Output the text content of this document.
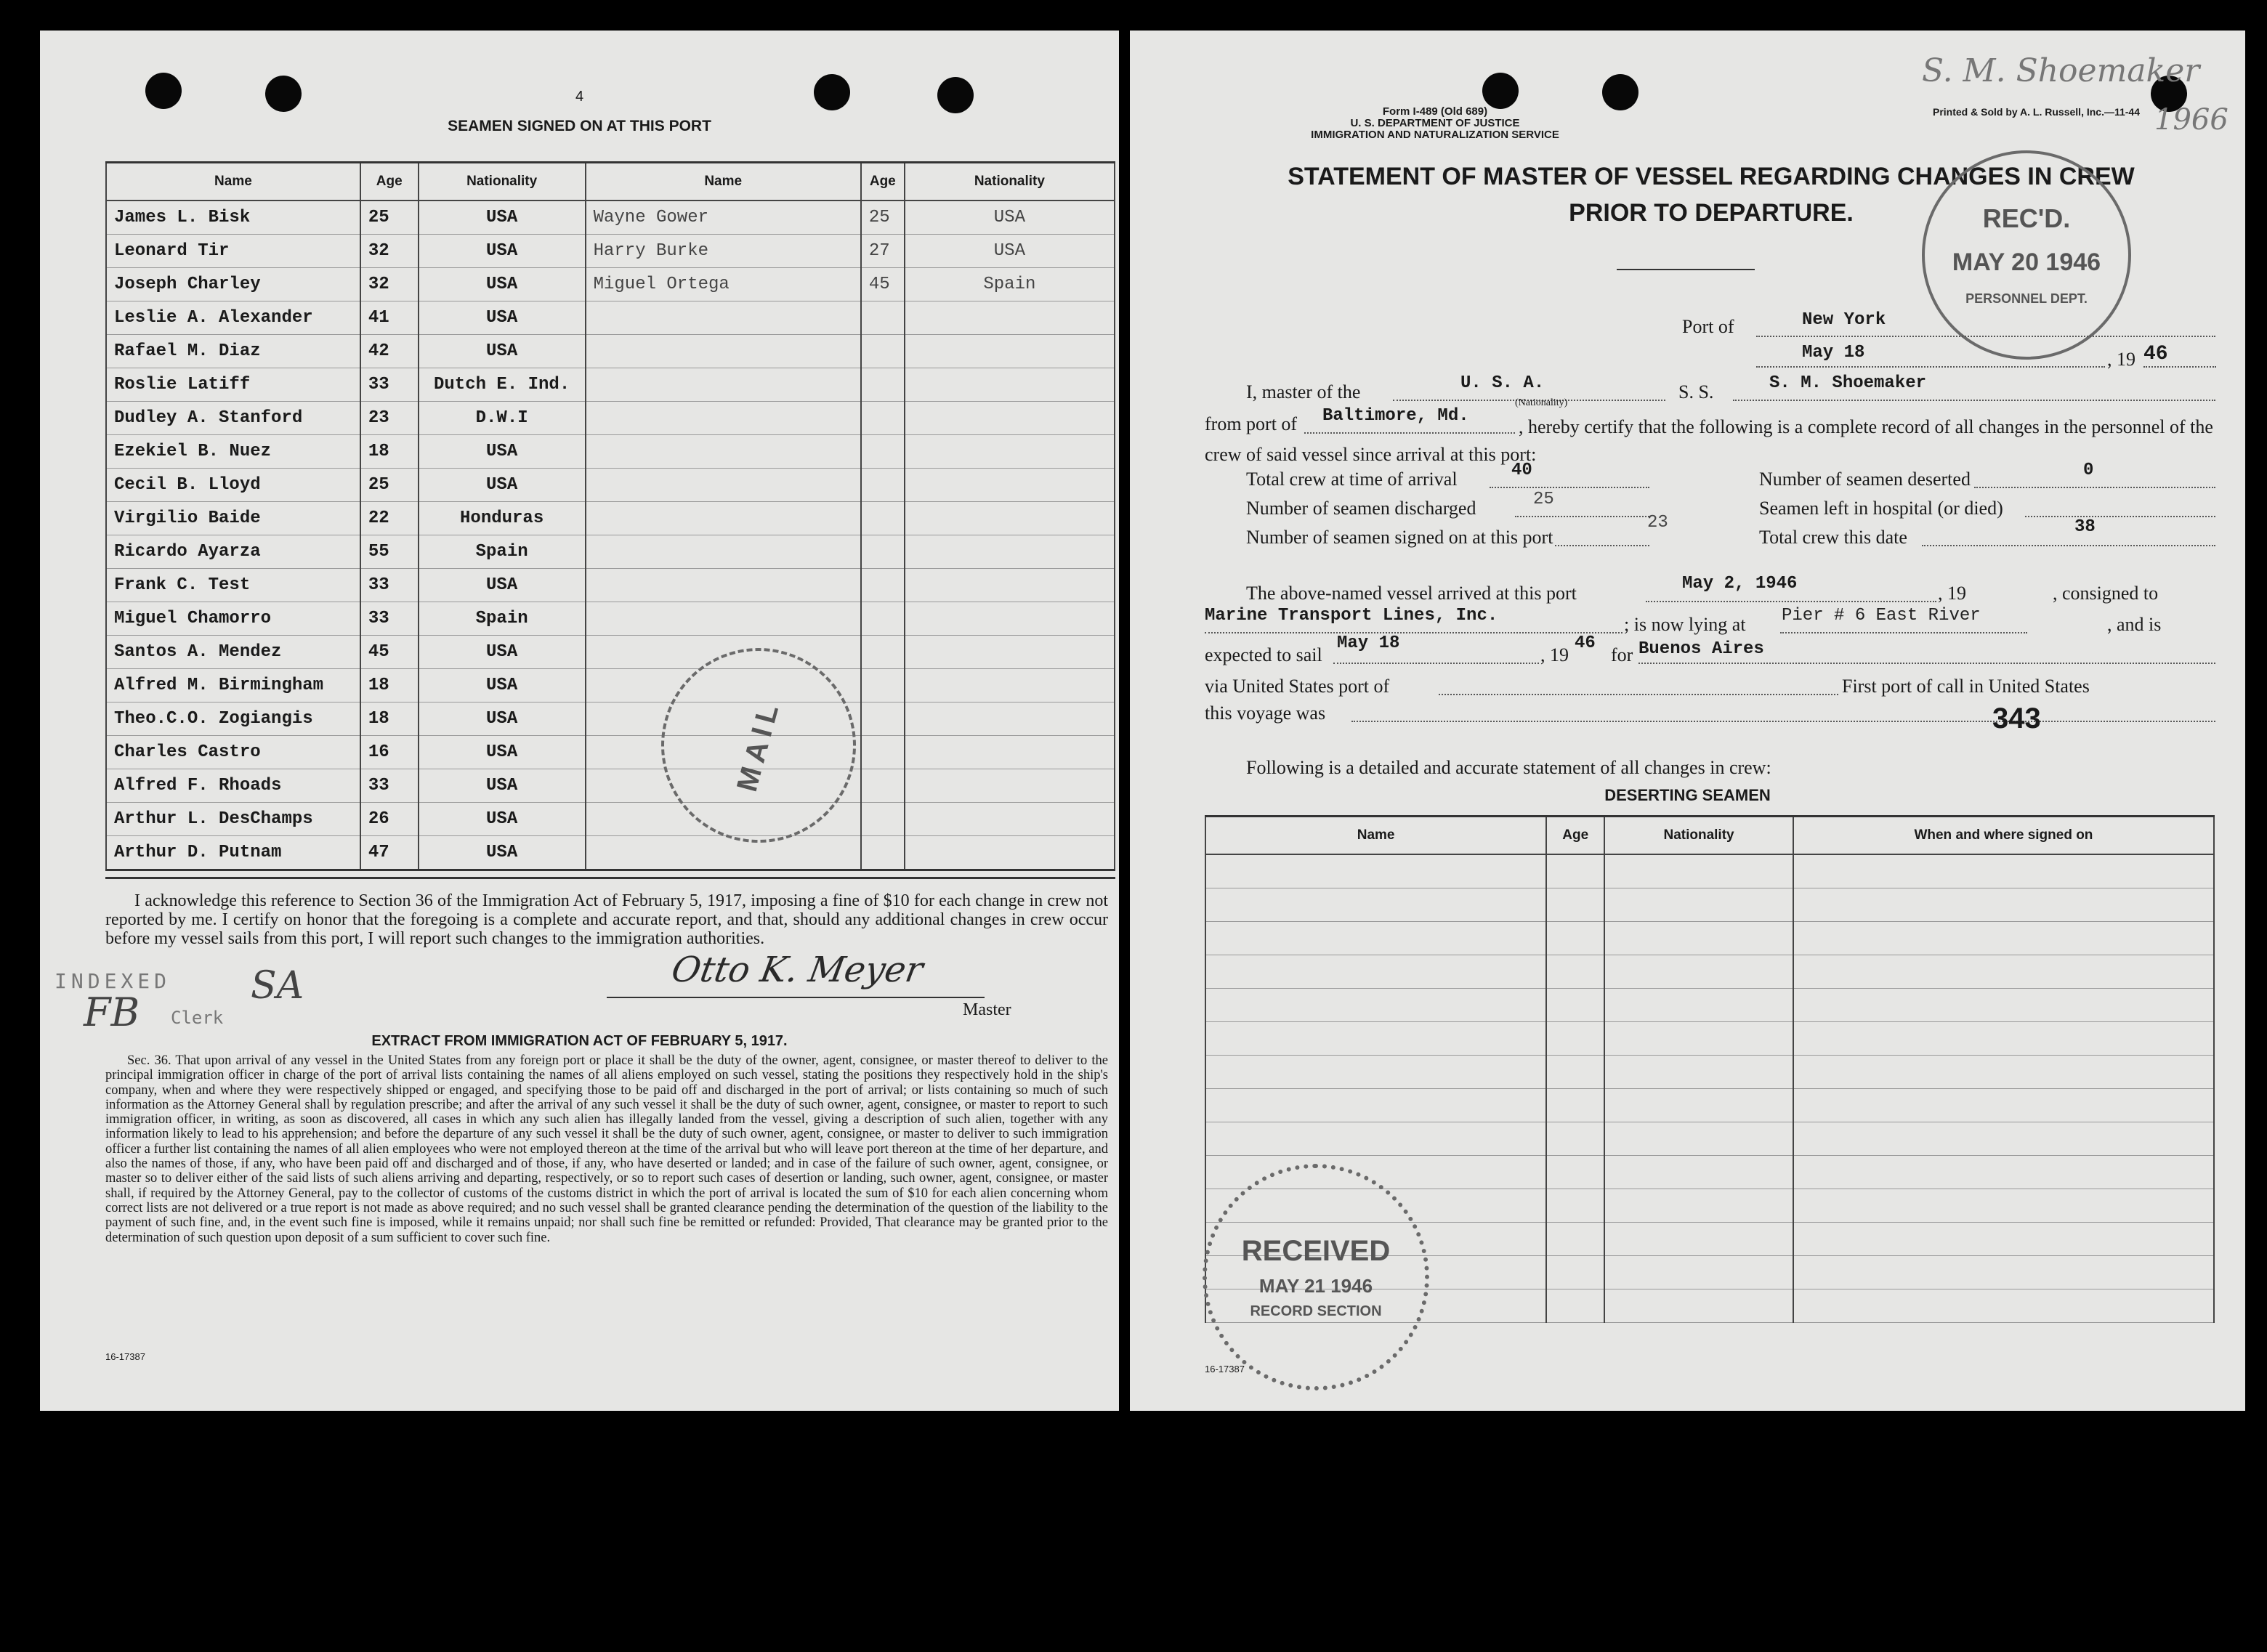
4
SEAMEN SIGNED ON AT THIS PORT
Name	Age	Nationality	Name	Age	Nationality
James L. Bisk	25	USA	Wayne Gower	25	USA
Leonard Tir	32	USA	Harry Burke	27	USA
Joseph Charley	32	USA	Miguel Ortega	45	Spain
Leslie A. Alexander	41	USA			
Rafael M. Diaz	42	USA			
Roslie Latiff	33	Dutch E. Ind.			
Dudley A. Stanford	23	D.W.I			
Ezekiel B. Nuez	18	USA			
Cecil B. Lloyd	25	USA			
Virgilio Baide	22	Honduras			
Ricardo Ayarza	55	Spain			
Frank C. Test	33	USA			
Miguel Chamorro	33	Spain			
Santos A. Mendez	45	USA			
Alfred M. Birmingham	18	USA			
Theo.C.O. Zogiangis	18	USA			
Charles Castro	16	USA			
Alfred F. Rhoads	33	USA			
Arthur L. DesChamps	26	USA			
Arthur D. Putnam	47	USA			
I acknowledge this reference to Section 36 of the Immigration Act of February 5, 1917, imposing a fine of $10 for each change in crew not reported by me. I certify on honor that the foregoing is a complete and accurate report, and that, should any additional changes in crew occur before my vessel sails from this port, I will report such changes to the immigration authorities.
Otto K. Meyer
Master
INDEXED
FB Clerk
SA
EXTRACT FROM IMMIGRATION ACT OF FEBRUARY 5, 1917.
Sec. 36. That upon arrival of any vessel in the United States from any foreign port or place it shall be the duty of the owner, agent, consignee, or master thereof to deliver to the principal immigration officer in charge of the port of arrival lists containing the names of all aliens employed on such vessel, stating the positions they respectively hold in the ship's company, when and where they were respectively shipped or engaged, and specifying those to be paid off and discharged in the port of arrival; or lists containing so much of such information as the Attorney General shall by regulation prescribe; and after the arrival of any such vessel it shall be the duty of such owner, agent, consignee, or master to report to such immigration officer, in writing, as soon as discovered, all cases in which any such alien has illegally landed from the vessel, giving a description of such alien, together with any information likely to lead to his apprehension; and before the departure of any such vessel it shall be the duty of such owner, agent, consignee, or master to deliver to such immigration officer a further list containing the names of all alien employees who were not employed thereon at the time of the arrival but who will leave port thereon at the time of her departure, and also the names of those, if any, who have been paid off and discharged and of those, if any, who have deserted or landed; and in case of the failure of such owner, agent, consignee, or master so to deliver either of the said lists of such aliens arriving and departing, respectively, or so to report such cases of desertion or landing, such owner, agent, consignee, or master shall, if required by the Attorney General, pay to the collector of customs of the customs district in which the port of arrival is located the sum of $10 for each alien concerning whom correct lists are not delivered or a true report is not made as above required; and no such vessel shall be granted clearance pending the determination of the question of the liability to the payment of such fine, and, in the event such fine is imposed, while it remains unpaid; nor shall such fine be remitted or refunded: Provided, That clearance may be granted prior to the determination of such question upon deposit of a sum sufficient to cover such fine.
16-17387
MAIL
Form I-489 (Old 689)
U. S. DEPARTMENT OF JUSTICE
IMMIGRATION AND NATURALIZATION SERVICE
Printed & Sold by A. L. Russell, Inc.—11-44
S. M. Shoemaker
1966
STATEMENT OF MASTER OF VESSEL REGARDING CHANGES IN CREW
PRIOR TO DEPARTURE.	REC'D.
MAY 20 1946
PERSONNEL DEPT.
Port of	New York
May 18	, 19 46
I, master of the	U. S. A.
(Nationality)
S. S.	S. M. Shoemaker
from port of Baltimore, Md.
, hereby certify that the following is a complete record of all changes in the personnel of the crew of said vessel since arrival at this port:
Total crew at time of arrival	40	Number of seamen deserted	0
Number of seamen discharged	25	Seamen left in hospital (or died)
Number of seamen signed on at this port
23
Total crew this date	38
The above-named vessel arrived at this port	May 2, 1946	, 19	, consigned to
Marine Transport Lines, Inc.	; is now lying at Pier # 6 East River	, and is
expected to sail
May 18
, 19
46
for Buenos Aires
via United States port of	First port of call in United States
this voyage was	343
Following is a detailed and accurate statement of all changes in crew:
DESERTING SEAMEN
Name	Age	Nationality	When and where signed on

RECEIVED
MAY 21 1946
RECORD SECTION
16-17387
